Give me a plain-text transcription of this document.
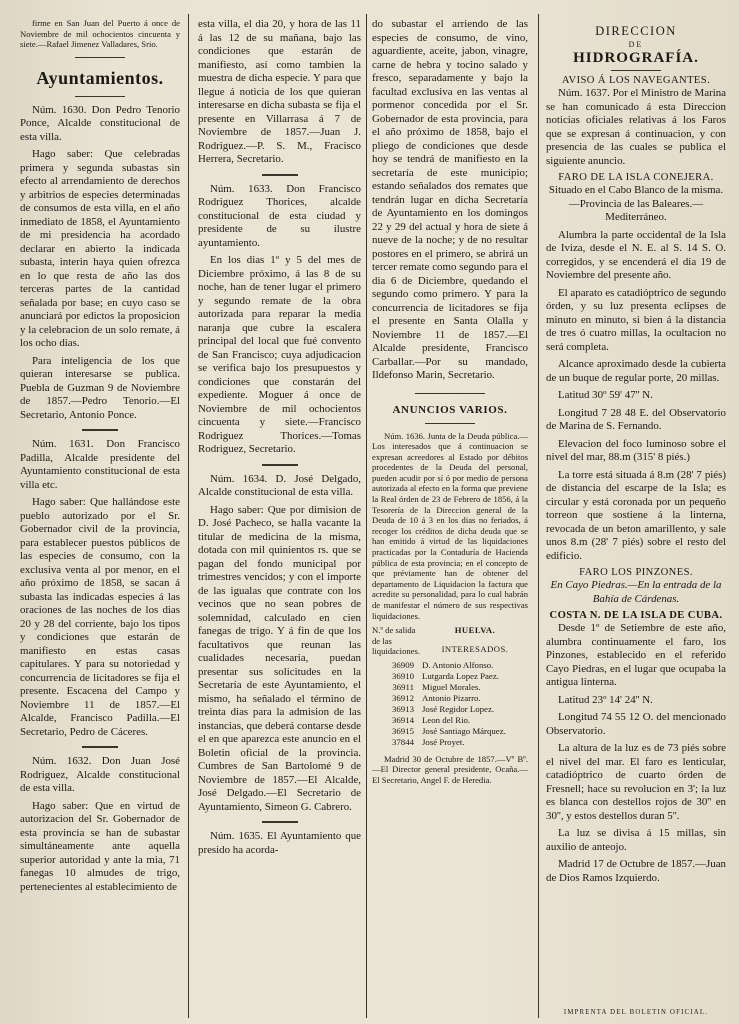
firme en San Juan del Puerto á once de Noviembre de mil ochocientos cincuenta y siete.—Rafael Jimenez Valladares, Srio.

Ayuntamientos.

Núm. 1630. Don Pedro Tenorio Ponce, Alcalde constitucional de esta villa.

Hago saber: Que celebradas primera y segunda subastas sin efecto al arrendamiento de derechos y arbitrios de especies determinadas de consumos de esta villa, en el año inmediato de 1858, el Ayuntamiento de mi presidencia ha acordado declarar en abierto la indicada subasta, interin haya quien ofrezca en lo que resta de año las dos terceras partes de la cantidad señalada por base; en cuyo caso se anunciará por edictos la proposicion y la celebracion de un solo remate, á los ocho dias.

Para inteligencia de los que quieran interesarse se publica. Puebla de Guzman 9 de Noviembre de 1857.—Pedro Tenorio.—El Secretario, Antonio Ponce.

Núm. 1631. Don Francisco Padilla, Alcalde presidente del Ayuntamiento constitucional de esta villa etc.

Hago saber: Que hallándose este pueblo autorizado por el Sr. Gobernador civil de la provincia, para establecer puestos públicos de las especies de consumo, con la exclusiva venta al por menor, en el año próximo de 1858, se sacan á subasta las indicadas especies á las oraciones de las noches de los dias 20 y 28 del corriente, bajo los tipos y condiciones que estarán de manifiesto en estas casas capitulares. Y para su notoriedad y concurrencia de licitadores se fija el presente. Escacena del Campo y Noviembre 11 de 1857.—El Alcalde, Francisco Padilla.—El Secretario, Pedro de Cáceres.

Núm. 1632. Don Juan José Rodriguez, Alcalde constitucional de esta villa.

Hago saber: Que en virtud de autorizacion del Sr. Gobernador de esta provincia se han de subastar simultáneamente ante aquella superior autoridad y ante la mia, 71 fanegas 10 almudes de trigo, pertenecientes al establecimiento de

esta villa, el dia 20, y hora de las 11 á las 12 de su mañana, bajo las condiciones que estarán de manifiesto, así como tambien la muestra de dicha especie. Y para que llegue á noticia de los que quieran interesarse en dicha subasta se fija el presente en Villarrasa á 7 de Noviembre de 1857.—Juan J. Rodriguez.—P. S. M., Fracisco Herrera, Secretario.

Núm. 1633. Don Francisco Rodriguez Thorices, alcalde constitucional de esta ciudad y presidente de su ilustre ayuntamiento.

En los dias 1º y 5 del mes de Diciembre próximo, á las 8 de su noche, han de tener lugar el primero y segundo remate de la obra autorizada para reparar la media naranja que cubre la escalera principal del local que fué convento de San Francisco; cuya adjudicacion se verifica bajo los presupuestos y condiciones que constarán del expediente. Moguer á once de Noviembre de mil ochocientos cincuenta y siete.—Francisco Rodriguez Thorices.—Tomas Rodriguez, Secretario.

Núm. 1634. D. José Delgado, Alcalde constitucional de esta villa.

Hago saber: Que por dimision de D. José Pacheco, se halla vacante la titular de medicina de la misma, dotada con mil quinientos rs. que se pagan del fondo municipal por trimestres vencidos; y con el importe de las igualas que contrate con los vecinos que no sean pobres de solemnidad, calculado en cien fanegas de trigo. Y á fin de que los facultativos que reunan las cualidades necesaria, puedan presentar sus solicitudes en la Secretaría de este Ayuntamiento, el mismo, ha señalado el término de treinta dias para la admision de las instancias, que deberá contarse desde el en que aparezca este anuncio en el Boletin oficial de la provincia. Cumbres de San Bartolomé 9 de Noviembre de 1857.—El Alcalde, José Delgado.—El Secretario de Ayuntamiento, Simeon G. Cabrero.

Núm. 1635. El Ayuntamiento que presido ha acorda-

do subastar el arriendo de las especies de consumo, de vino, aguardiente, aceite, jabon, vinagre, carne de hebra y tocino salado y fresco, separadamente y bajo la facultad exclusiva en las ventas al pormenor concedida por el Sr. Gobernador de esta provincia, para el año próximo de 1858, bajo el pliego de condiciones que desde hoy se tendrá de manifiesto en la secretaría de este municipio; estando señalados dos remates que tendrán lugar en dicha Secretaría de Ayuntamiento en los domingos 22 y 29 del actual y hora de siete á nueve de la noche; y de no resultar postores en el primero, se abrirá un tercer remate como segundo para el dia 6 de Diciembre, quedando el segundo como primero. Y para la concurrencia de licitadores se fija el presente en Santa Olalla y Noviembre 11 de 1857.—El Alcalde presidente, Francisco Carballar.—Por su mandado, Ildefonso Marin, Secretario.

ANUNCIOS VARIOS.

Núm. 1636. Junta de la Deuda pública.—Los interesados que á continuacion se expresan acreedores al Estado por débitos procedentes de la Deuda del personal, pueden acudir por sí ó por medio de persona autorizada al efecto en la forma que previene la Real órden de 23 de Febrero de 1856, á la Tesorería de la Direccion general de la Deuda de 10 á 3 en los dias no feriados, á recoger los créditos de dicha deuda que se han emitido á virtud de las liquidaciones practicadas por la Contaduría de Hacienda pública de esta provincia; en el concepto de que préviamente han de obtener del departamento de Liquidacion la factura que acredite su personalidad, para lo cual habrán de manifestar el número de sus respectivas liquidaciones.

N.º de salida de las liquidaciones.
HUELVA.
INTERESADOS.
36909	D. Antonio Alfonso.
36910	Lutgarda Lopez Paez.
36911	Miguel Morales.
36912	Antonio Pizarro.
36913	José Regidor Lopez.
36914	Leon del Rio.
36915	José Santiago Márquez.
37844	José Proyet.

Madrid 30 de Octubre de 1857.—Vº Bº.—El Director general presidente, Ocaña.—El Secretario, Angel F. de Heredia.

DIRECCION
DE
HIDROGRAFÍA.
AVISO Á LOS NAVEGANTES.

Núm. 1637. Por el Ministro de Marina se han comunicado á esta Direccion noticias oficiales relativas á los Faros que se expresan á continuacion, y con presencia de las cuales se publica el siguiente anuncio.

FARO DE LA ISLA CONEJERA.

Situado en el Cabo Blanco de la misma.—Provincia de las Baleares.—Mediterráneo.

Alumbra la parte occidental de la Isla de Iviza, desde el N. E. al S. 14 S. O. corregidos, y se encenderá el dia 19 de Noviembre del presente año.

El aparato es catadióptrico de segundo órden, y su luz presenta eclipses de minuto en minuto, si bien á la distancia de tres ó cuatro millas, la ocultacion no será completa.

Alcance aproximado desde la cubierta de un buque de regular porte, 20 millas.

Latitud 30º 59' 47'' N.

Longitud 7 28 48 E. del Observatorio de Marina de S. Fernando.

Elevacion del foco luminoso sobre el nivel del mar, 88.m (315' 8 piés.)

La torre está situada á 8.m (28' 7 piés) de distancia del escarpe de la Isla; es circular y está coronada por un pequeño torreon que sostiene á la linterna, revocada de un beton amarillento, y sale unos 8.m (28' 7 piés) sobre el resto del edificio.

FARO LOS PINZONES.

En Cayo Piedras.—En la entrada de la Bahía de Cárdenas.

COSTA N. DE LA ISLA DE CUBA.

Desde 1º de Setiembre de este año, alumbra continuamente el faro, los Pinzones, establecido en el referido Cayo Piedras, en el lugar que ocupaba la antigua linterna.

Latitud 23º 14' 24'' N.

Longitud 74 55 12 O. del mencionado Observatorio.

La altura de la luz es de 73 piés sobre el nivel del mar. El faro es lenticular, catadióptrico de cuarto órden de Fresnell; hace su revolucion en 3'; la luz es blanca con destellos rojos de 30'' en 30'', y estos destellos duran 5''.

La luz se divisa á 15 millas, sin auxilio de anteojo.

Madrid 17 de Octubre de 1857.—Juan de Dios Ramos Izquierdo.

IMPRENTA DEL BOLETIN OFICIAL.
